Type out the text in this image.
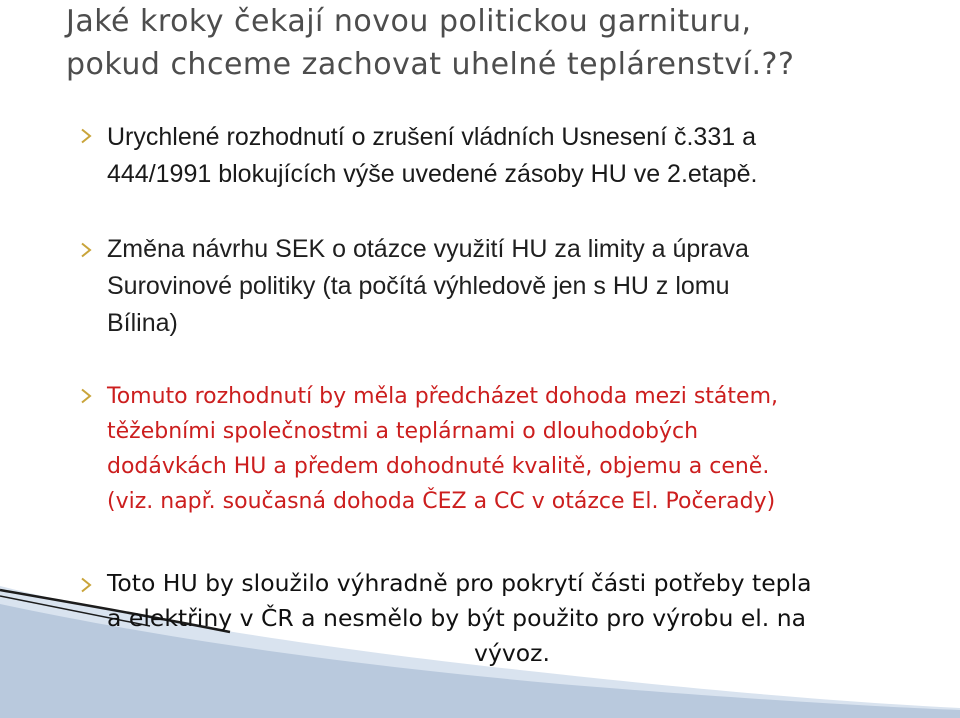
Jaké kroky čekají novou politickou garnituru,
pokud chceme zachovat uhelné teplárenství.??
Urychlené rozhodnutí o zrušení vládních Usnesení č.331 a
444/1991 blokujících výše uvedené zásoby HU ve 2.etapě.
Změna návrhu SEK o otázce využití HU za limity a úprava
Surovinové politiky (ta počítá výhledově jen s HU z lomu
Bílina)
Tomuto rozhodnutí by měla předcházet dohoda mezi státem,
těžebními společnostmi a teplárnami o dlouhodobých
dodávkách HU a předem dohodnuté kvalitě, objemu a ceně.
(viz. např. současná dohoda ČEZ a CC v otázce El. Počerady)
Toto HU by sloužilo výhradně pro pokrytí části potřeby tepla
a elektřiny v ČR a nesmělo by být použito pro výrobu el. na
vývoz.
